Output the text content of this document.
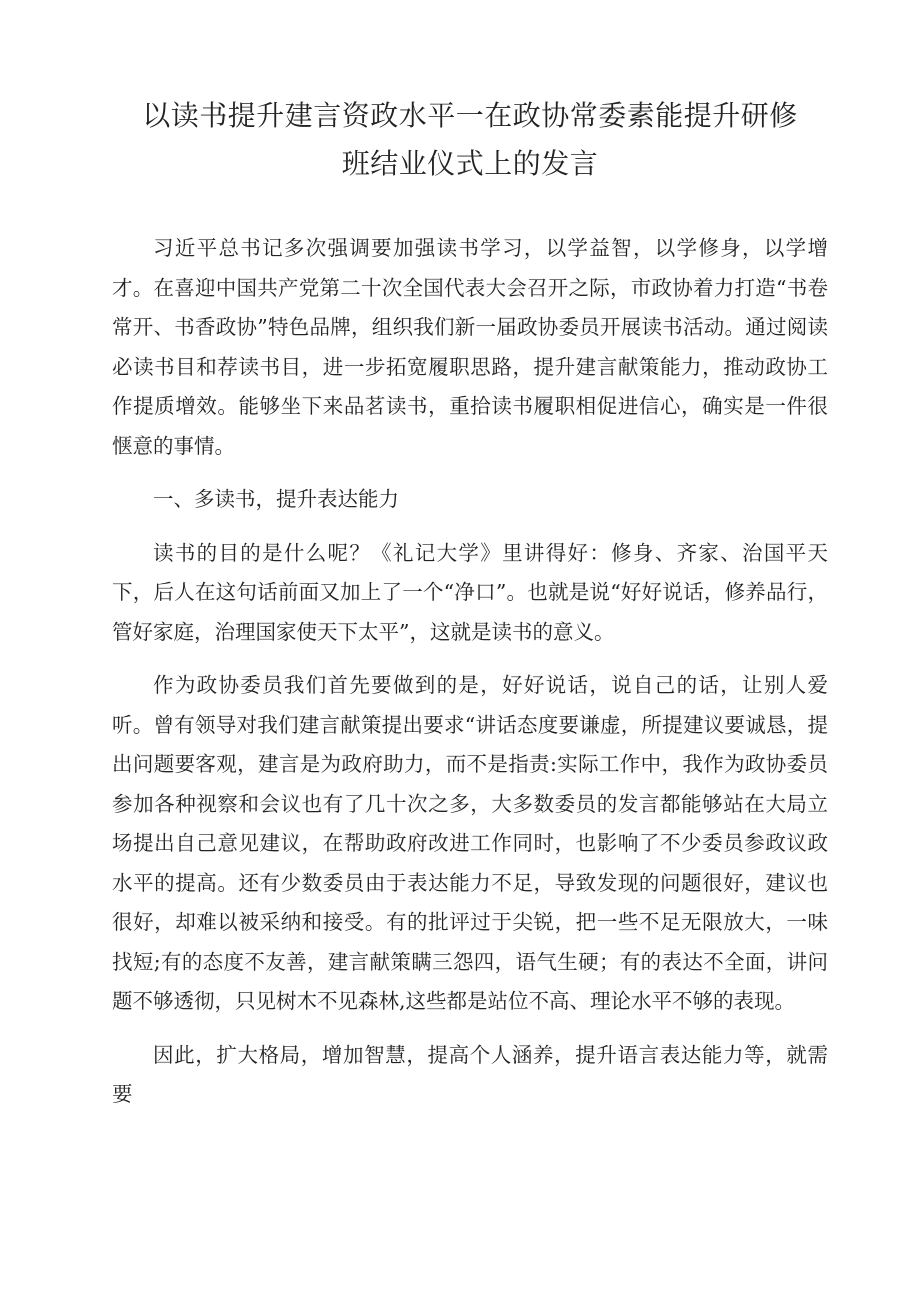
以读书提升建言资政水平一在政协常委素能提升研修
班结业仪式上的发言

习近平总书记多次强调要加强读书学习，以学益智，以学修身，以学增才。在喜迎中国共产党第二十次全国代表大会召开之际，市政协着力打造“书卷常开、书香政协”特色品牌，组织我们新一届政协委员开展读书活动。通过阅读必读书目和荐读书目，进一步拓宽履职思路，提升建言献策能力，推动政协工作提质增效。能够坐下来品茗读书，重拾读书履职相促进信心，确实是一件很惬意的事情。

一、多读书，提升表达能力

读书的目的是什么呢？《礼记大学》里讲得好：修身、齐家、治国平天下，后人在这句话前面又加上了一个“净口”。也就是说“好好说话，修养品行，管好家庭，治理国家使天下太平”，这就是读书的意义。

作为政协委员我们首先要做到的是，好好说话，说自己的话，让别人爱听。曾有领导对我们建言献策提出要求“讲话态度要谦虚，所提建议要诚恳，提出问题要客观，建言是为政府助力，而不是指责:实际工作中，我作为政协委员参加各种视察和会议也有了几十次之多，大多数委员的发言都能够站在大局立场提出自己意见建议，在帮助政府改进工作同时，也影响了不少委员参政议政水平的提高。还有少数委员由于表达能力不足，导致发现的问题很好，建议也很好，却难以被采纳和接受。有的批评过于尖锐，把一些不足无限放大，一味找短;有的态度不友善，建言献策瞒三怨四，语气生硬；有的表达不全面，讲问题不够透彻，只见树木不见森林,这些都是站位不高、理论水平不够的表现。

因此，扩大格局，增加智慧，提高个人涵养，提升语言表达能力等，就需要
